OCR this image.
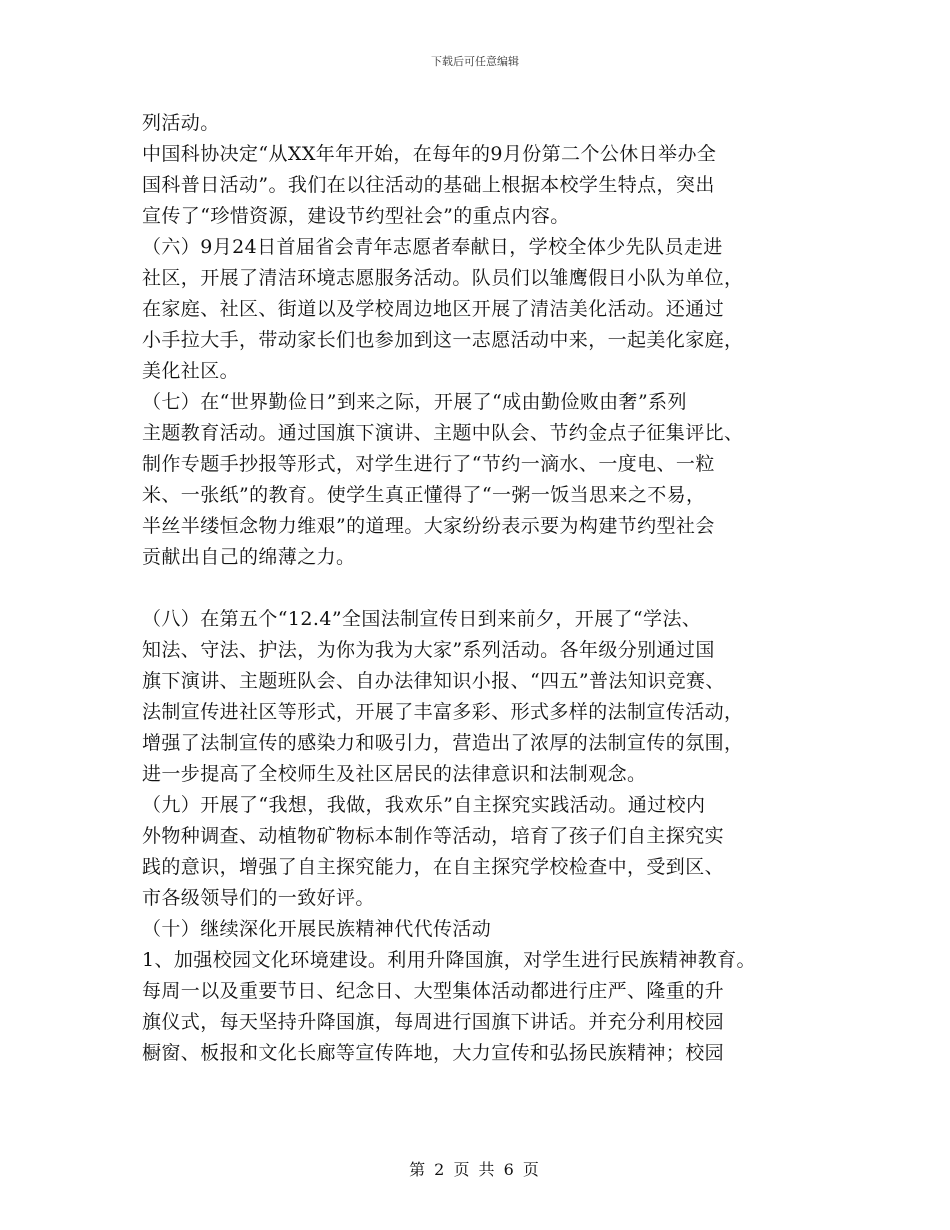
下载后可任意编辑
列活动。
中国科协决定“从XX年年开始，在每年的9月份第二个公休日举办全
国科普日活动”。我们在以往活动的基础上根据本校学生特点，突出
宣传了“珍惜资源，建设节约型社会”的重点内容。
（六）9月24日首届省会青年志愿者奉献日，学校全体少先队员走进
社区，开展了清洁环境志愿服务活动。队员们以雏鹰假日小队为单位，
在家庭、社区、街道以及学校周边地区开展了清洁美化活动。还通过
小手拉大手，带动家长们也参加到这一志愿活动中来，一起美化家庭，
美化社区。
（七）在“世界勤俭日”到来之际，开展了“成由勤俭败由奢”系列
主题教育活动。通过国旗下演讲、主题中队会、节约金点子征集评比、
制作专题手抄报等形式，对学生进行了“节约一滴水、一度电、一粒
米、一张纸”的教育。使学生真正懂得了“一粥一饭当思来之不易，
半丝半缕恒念物力维艰”的道理。大家纷纷表示要为构建节约型社会
贡献出自己的绵薄之力。
（八）在第五个“12.4”全国法制宣传日到来前夕，开展了“学法、
知法、守法、护法，为你为我为大家”系列活动。各年级分别通过国
旗下演讲、主题班队会、自办法律知识小报、“四五”普法知识竞赛、
法制宣传进社区等形式，开展了丰富多彩、形式多样的法制宣传活动，
增强了法制宣传的感染力和吸引力，营造出了浓厚的法制宣传的氛围，
进一步提高了全校师生及社区居民的法律意识和法制观念。
（九）开展了“我想，我做，我欢乐”自主探究实践活动。通过校内
外物种调查、动植物矿物标本制作等活动，培育了孩子们自主探究实
践的意识，增强了自主探究能力，在自主探究学校检查中，受到区、
市各级领导们的一致好评。
（十）继续深化开展民族精神代代传活动
1、加强校园文化环境建设。利用升降国旗，对学生进行民族精神教育。
每周一以及重要节日、纪念日、大型集体活动都进行庄严、隆重的升
旗仪式，每天坚持升降国旗，每周进行国旗下讲话。并充分利用校园
橱窗、板报和文化长廊等宣传阵地，大力宣传和弘扬民族精神；校园
第 2 页 共 6 页
